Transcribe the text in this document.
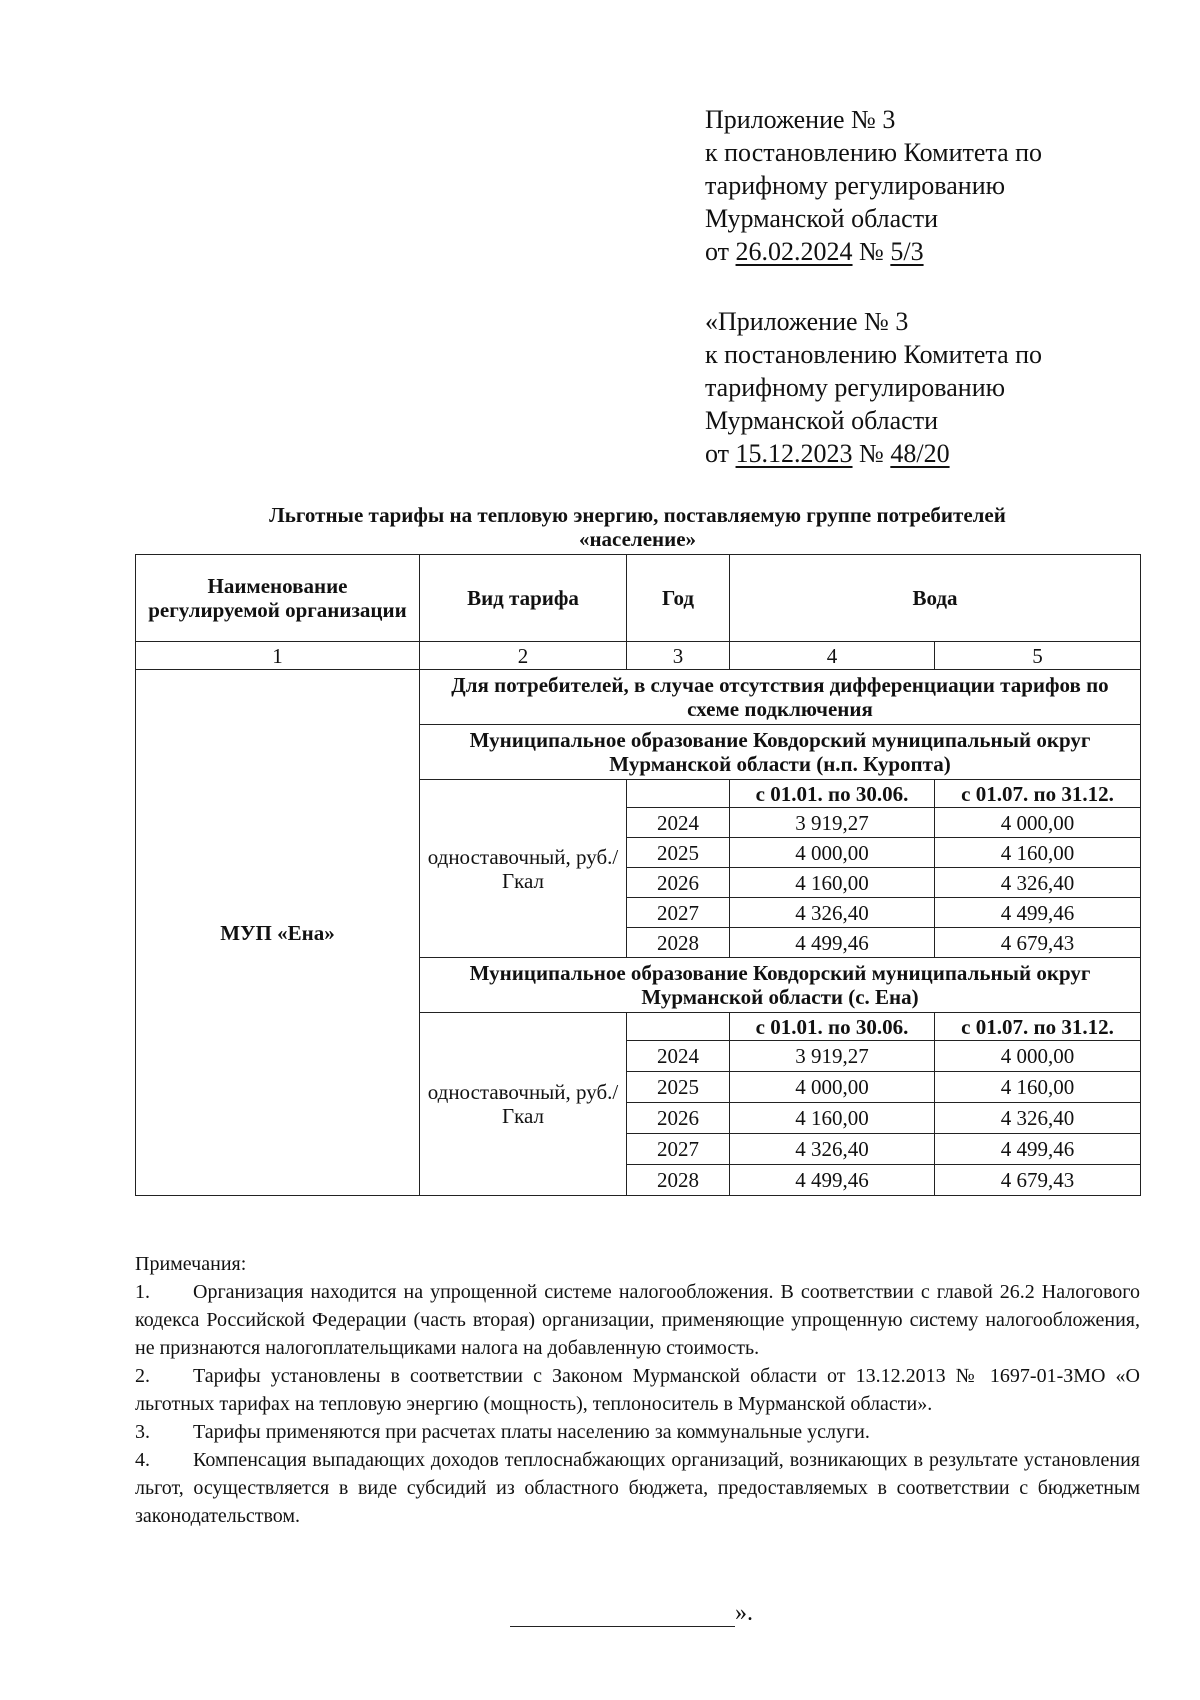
Приложение № 3
к постановлению Комитета по
тарифному регулированию
Мурманской области
от 26.02.2024 № 5/3
«Приложение № 3
к постановлению Комитета по
тарифному регулированию
Мурманской области
от 15.12.2023 № 48/20
Льготные тарифы на тепловую энергию, поставляемую группе потребителей
«население»
Наименование регулируемой организации	Вид тарифа	Год	Вода	
1	2	3	4	5
МУП «Ена»	Для потребителей, в случае отсутствия дифференциации тарифов по схеме подключения			
	Муниципальное образование Ковдорский муниципальный округ Мурманской области (н.п. Куропта)			
	одноставочный, руб./Гкал		с 01.01. по 30.06.	с 01.07. по 31.12.
		2024	3 919,27	4 000,00
		2025	4 000,00	4 160,00
		2026	4 160,00	4 326,40
		2027	4 326,40	4 499,46
		2028	4 499,46	4 679,43
	Муниципальное образование Ковдорский муниципальный округ Мурманской области (с. Ена)			
	одноставочный, руб./Гкал		с 01.01. по 30.06.	с 01.07. по 31.12.
		2024	3 919,27	4 000,00
		2025	4 000,00	4 160,00
		2026	4 160,00	4 326,40
		2027	4 326,40	4 499,46
		2028	4 499,46	4 679,43

Примечания:

1. Организация находится на упрощенной системе налогообложения. В соответствии с главой 26.2 Налогового кодекса Российской Федерации (часть вторая) организации, применяющие упрощенную систему налогообложения, не признаются налогоплательщиками налога на добавленную стоимость.

2. Тарифы установлены в соответствии с Законом Мурманской области от 13.12.2013 № 1697-01-ЗМО «О льготных тарифах на тепловую энергию (мощность), теплоноситель в Мурманской области».

3. Тарифы применяются при расчетах платы населению за коммунальные услуги.

4. Компенсация выпадающих доходов теплоснабжающих организаций, возникающих в результате установления льгот, осуществляется в виде субсидий из областного бюджета, предоставляемых в соответствии с бюджетным законодательством.

».
